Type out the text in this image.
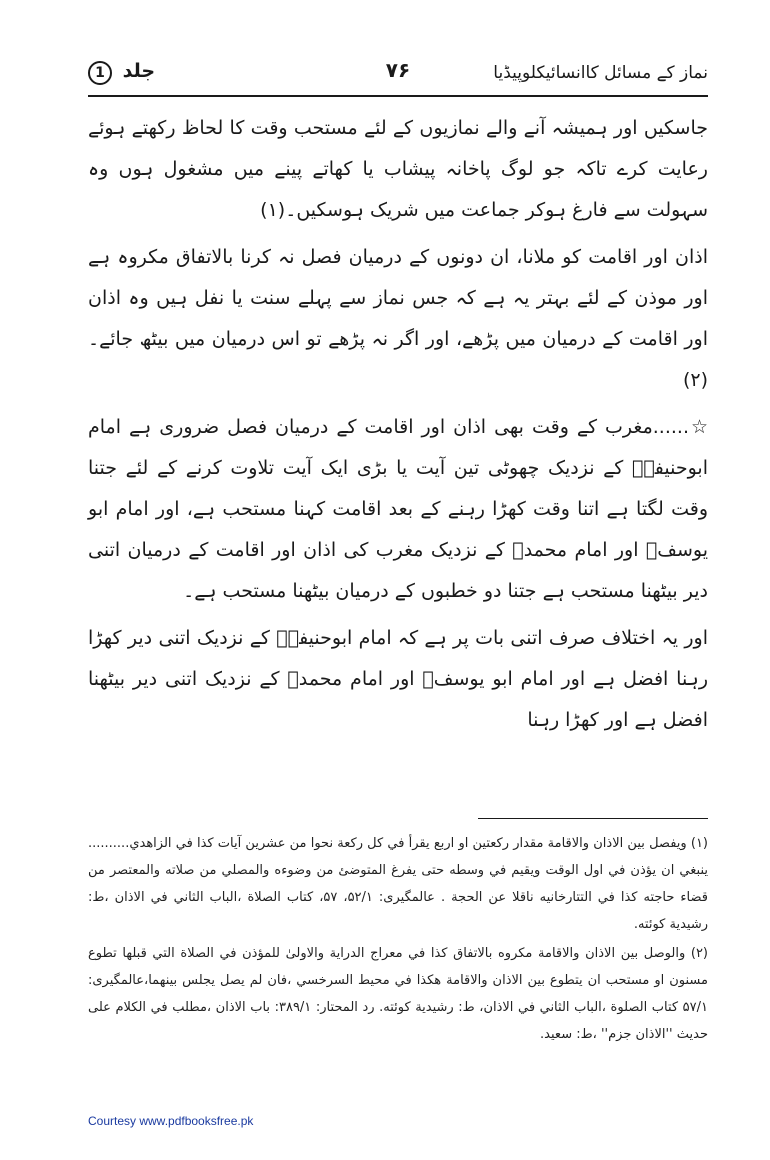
نماز کے مسائل کاانسائیکلوپیڈیا
۷۶
جلد 1

جاسکیں اور ہمیشہ آنے والے نمازیوں کے لئے مستحب وقت کا لحاظ رکھتے ہوئے رعایت کرے تاکہ جو لوگ پاخانہ پیشاب یا کھاتے پینے میں مشغول ہوں وہ سہولت سے فارغ ہوکر جماعت میں شریک ہوسکیں۔(۱)

اذان اور اقامت کو ملانا، ان دونوں کے درمیان فصل نہ کرنا بالاتفاق مکروہ ہے اور موذن کے لئے بہتر یہ ہے کہ جس نماز سے پہلے سنت یا نفل ہیں وہ اذان اور اقامت کے درمیان میں پڑھے، اور اگر نہ پڑھے تو اس درمیان میں بیٹھ جائے۔(۲)

☆......مغرب کے وقت بھی اذان اور اقامت کے درمیان فصل ضروری ہے امام ابوحنیفہؒ کے نزدیک چھوٹی تین آیت یا بڑی ایک آیت تلاوت کرنے کے لئے جتنا وقت لگتا ہے اتنا وقت کھڑا رہنے کے بعد اقامت کہنا مستحب ہے، اور امام ابو یوسفؒ اور امام محمدؒ کے نزدیک مغرب کی اذان اور اقامت کے درمیان اتنی دیر بیٹھنا مستحب ہے جتنا دو خطبوں کے درمیان بیٹھنا مستحب ہے۔

اور یہ اختلاف صرف اتنی بات پر ہے کہ امام ابوحنیفہؒ کے نزدیک اتنی دیر کھڑا رہنا افضل ہے اور امام ابو یوسفؒ اور امام محمدؒ کے نزدیک اتنی دیر بیٹھنا افضل ہے اور کھڑا رہنا

(۱) ويفصل بين الاذان والاقامة مقدار ركعتين او اربع يقرأ في كل ركعة نحوا من عشرين آيات كذا في الزاهدي.......... ينبغي ان يؤذن في اول الوقت ويقيم في وسطه حتى يفرغ المتوضئ من وضوءه والمصلي من صلاته والمعتصر من قضاء حاجته كذا في التتارخانيه ناقلا عن الحجة . عالمگیری: ۵۲/۱، ۵۷، کتاب الصلاة ،الباب الثاني في الاذان ،ط: رشيدية كوئته.

(۲) والوصل بين الاذان والاقامة مكروه بالاتفاق كذا في معراج الدراية والاولىٰ للمؤذن في الصلاة التي قبلها تطوع مسنون او مستحب ان يتطوع بين الاذان والاقامة هكذا في محيط السرخسي ،فان لم يصل يجلس بينهما،عالمگیری: ۵۷/۱ كتاب الصلوة ،الباب الثاني في الاذان، ط: رشيدية كوئته. رد المحتار: ۳۸۹/۱: باب الاذان ،مطلب في الكلام على حديث ''الاذان جزم'' ،ط: سعيد.

Courtesy www.pdfbooksfree.pk
